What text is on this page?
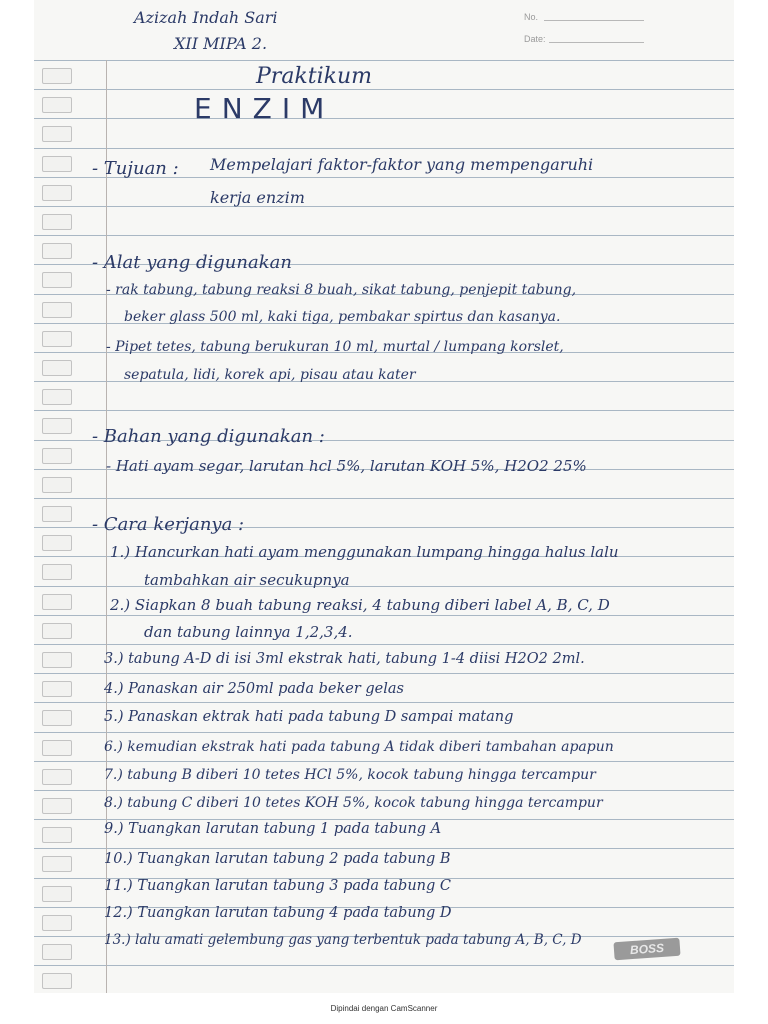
No.
Date:
Azizah Indah Sari
XII MIPA 2.
Praktikum
ENZIM
- Tujuan : Mempelajari faktor-faktor yang mempengaruhi
kerja enzim
- Alat yang digunakan
- rak tabung, tabung reaksi 8 buah, sikat tabung, penjepit tabung,
beker glass 500 ml, kaki tiga, pembakar spirtus dan kasanya.
- Pipet tetes, tabung berukuran 10 ml, murtal / lumpang korslet,
sepatula, lidi, korek api, pisau atau kater
- Bahan yang digunakan :
- Hati ayam segar, larutan hcl 5%, larutan KOH 5%, H2O2 25%
- Cara kerjanya :
1.) Hancurkan hati ayam menggunakan lumpang hingga halus lalu
tambahkan air secukupnya
2.) Siapkan 8 buah tabung reaksi, 4 tabung diberi label A, B, C, D
dan tabung lainnya 1,2,3,4.
3.) tabung A-D di isi 3ml ekstrak hati, tabung 1-4 diisi H2O2 2ml.
4.) Panaskan air 250ml pada beker gelas
5.) Panaskan ektrak hati pada tabung D sampai matang
6.) kemudian ekstrak hati pada tabung A tidak diberi tambahan apapun
7.) tabung B diberi 10 tetes HCl 5%, kocok tabung hingga tercampur
8.) tabung C diberi 10 tetes KOH 5%, kocok tabung hingga tercampur
9.) Tuangkan larutan tabung 1 pada tabung A
10.) Tuangkan larutan tabung 2 pada tabung B
11.) Tuangkan larutan tabung 3 pada tabung C
12.) Tuangkan larutan tabung 4 pada tabung D
13.) lalu amati gelembung gas yang terbentuk pada tabung A, B, C, D
BOSS
Dipindai dengan CamScanner
